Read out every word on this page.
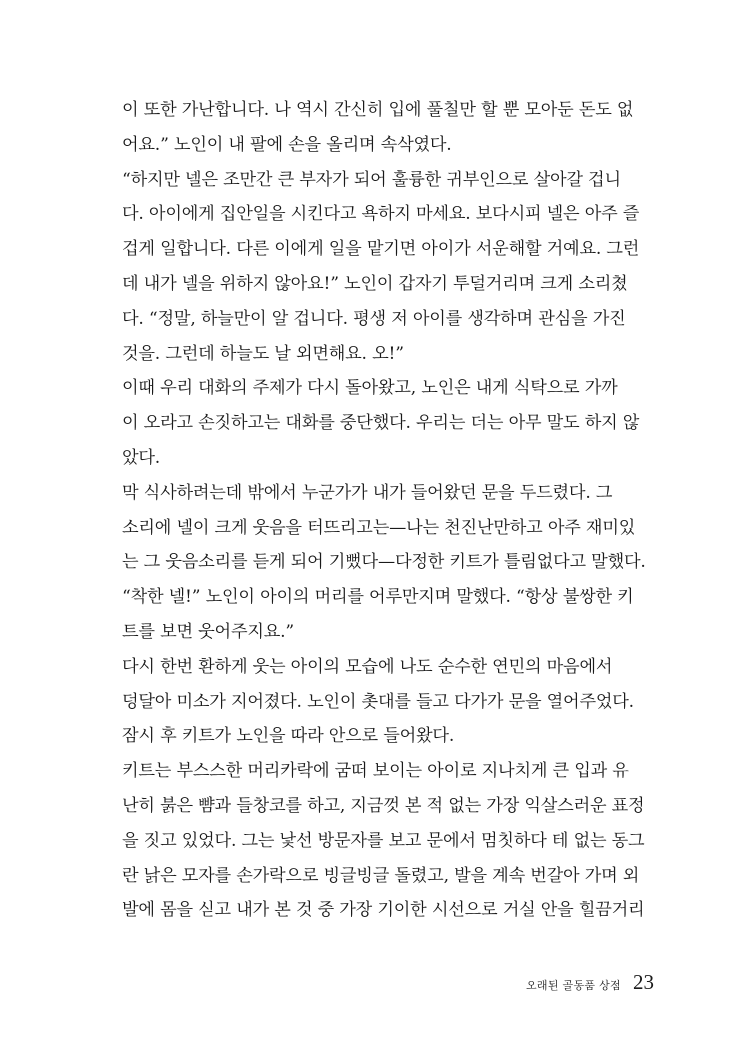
이 또한 가난합니다. 나 역시 간신히 입에 풀칠만 할 뿐 모아둔 돈도 없
어요.” 노인이 내 팔에 손을 올리며 속삭였다.
“하지만 넬은 조만간 큰 부자가 되어 훌륭한 귀부인으로 살아갈 겁니
다. 아이에게 집안일을 시킨다고 욕하지 마세요. 보다시피 넬은 아주 즐
겁게 일합니다. 다른 이에게 일을 맡기면 아이가 서운해할 거예요. 그런
데 내가 넬을 위하지 않아요!” 노인이 갑자기 투덜거리며 크게 소리쳤
다. “정말, 하늘만이 알 겁니다. 평생 저 아이를 생각하며 관심을 가진
것을. 그런데 하늘도 날 외면해요. 오!”
이때 우리 대화의 주제가 다시 돌아왔고, 노인은 내게 식탁으로 가까
이 오라고 손짓하고는 대화를 중단했다. 우리는 더는 아무 말도 하지 않
았다.
막 식사하려는데 밖에서 누군가가 내가 들어왔던 문을 두드렸다. 그
소리에 넬이 크게 웃음을 터뜨리고는—나는 천진난만하고 아주 재미있
는 그 웃음소리를 듣게 되어 기뻤다—다정한 키트가 틀림없다고 말했다.
“착한 넬!” 노인이 아이의 머리를 어루만지며 말했다. “항상 불쌍한 키
트를 보면 웃어주지요.”
다시 한번 환하게 웃는 아이의 모습에 나도 순수한 연민의 마음에서
덩달아 미소가 지어졌다. 노인이 촛대를 들고 다가가 문을 열어주었다.
잠시 후 키트가 노인을 따라 안으로 들어왔다.
키트는 부스스한 머리카락에 굼떠 보이는 아이로 지나치게 큰 입과 유
난히 붉은 뺨과 들창코를 하고, 지금껏 본 적 없는 가장 익살스러운 표정
을 짓고 있었다. 그는 낯선 방문자를 보고 문에서 멈칫하다 테 없는 동그
란 낡은 모자를 손가락으로 빙글빙글 돌렸고, 발을 계속 번갈아 가며 외
발에 몸을 싣고 내가 본 것 중 가장 기이한 시선으로 거실 안을 힐끔거리
오래된 골동품 상점 23
